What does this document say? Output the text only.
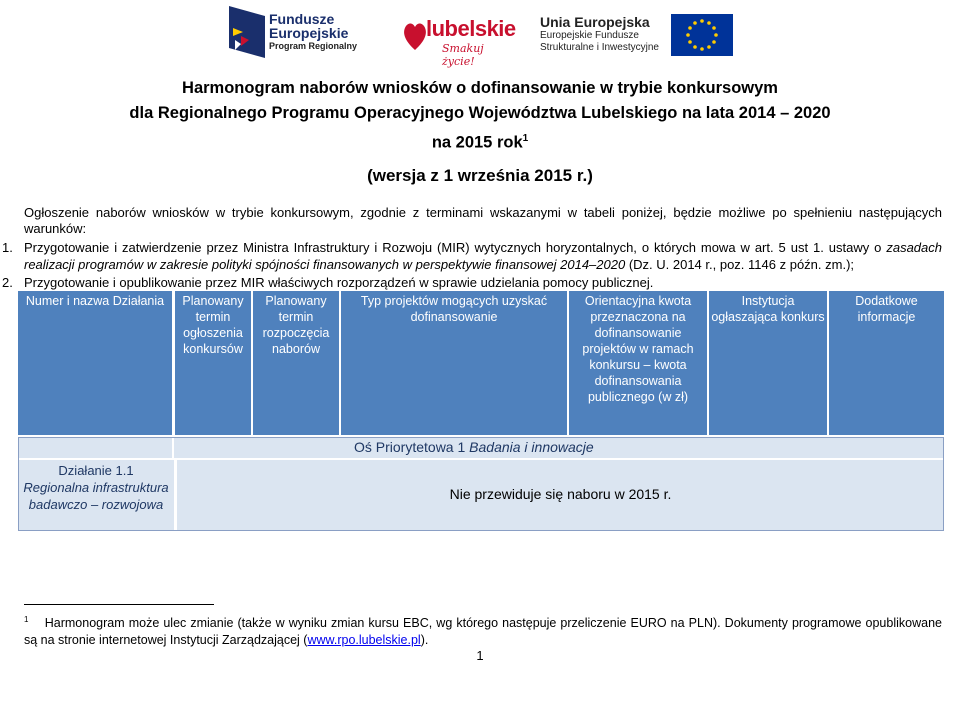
Fundusze
Europejskie
Program Regionalny
lubelskie
Smakuj życie!
Unia Europejska
Europejskie Fundusze
Strukturalne i Inwestycyjne
Harmonogram naborów wniosków o dofinansowanie w trybie konkursowym
dla Regionalnego Programu Operacyjnego Województwa Lubelskiego na lata 2014 – 2020
na 2015 rok$^1$
(wersja z 1 września 2015 r.)
Ogłoszenie naborów wniosków w trybie konkursowym, zgodnie z terminami wskazanymi w tabeli poniżej, będzie możliwe po spełnieniu następujących warunków:
1. Przygotowanie i zatwierdzenie przez Ministra Infrastruktury i Rozwoju (MIR) wytycznych horyzontalnych, o których mowa w art. 5 ust 1. ustawy o zasadach realizacji programów w zakresie polityki spójności finansowanych w perspektywie finansowej 2014–2020 (Dz. U. 2014 r., poz. 1146 z późn. zm.);
2. Przygotowanie i opublikowanie przez MIR właściwych rozporządzeń w sprawie udzielania pomocy publicznej.
Numer i nazwa Działania	Planowany termin ogłoszenia konkursów
Planowany termin rozpoczęcia naborów
Typ projektów mogących uzyskać dofinansowanie
Orientacyjna kwota przeznaczona na dofinansowanie projektów w ramach konkursu – kwota dofinansowania publicznego (w zł)
Instytucja ogłaszająca konkurs
Dodatkowe informacje
Oś Priorytetowa 1 Badania i innowacje
Działanie 1.1
Regionalna infrastruktura badawczo – rozwojowa
Nie przewiduje się naboru w 2015 r.
$^1$ Harmonogram może ulec zmianie (także w wyniku zmian kursu EBC, wg którego następuje przeliczenie EURO na PLN). Dokumenty programowe opublikowane są na stronie internetowej Instytucji Zarządzającej (www.rpo.lubelskie.pl).
1
